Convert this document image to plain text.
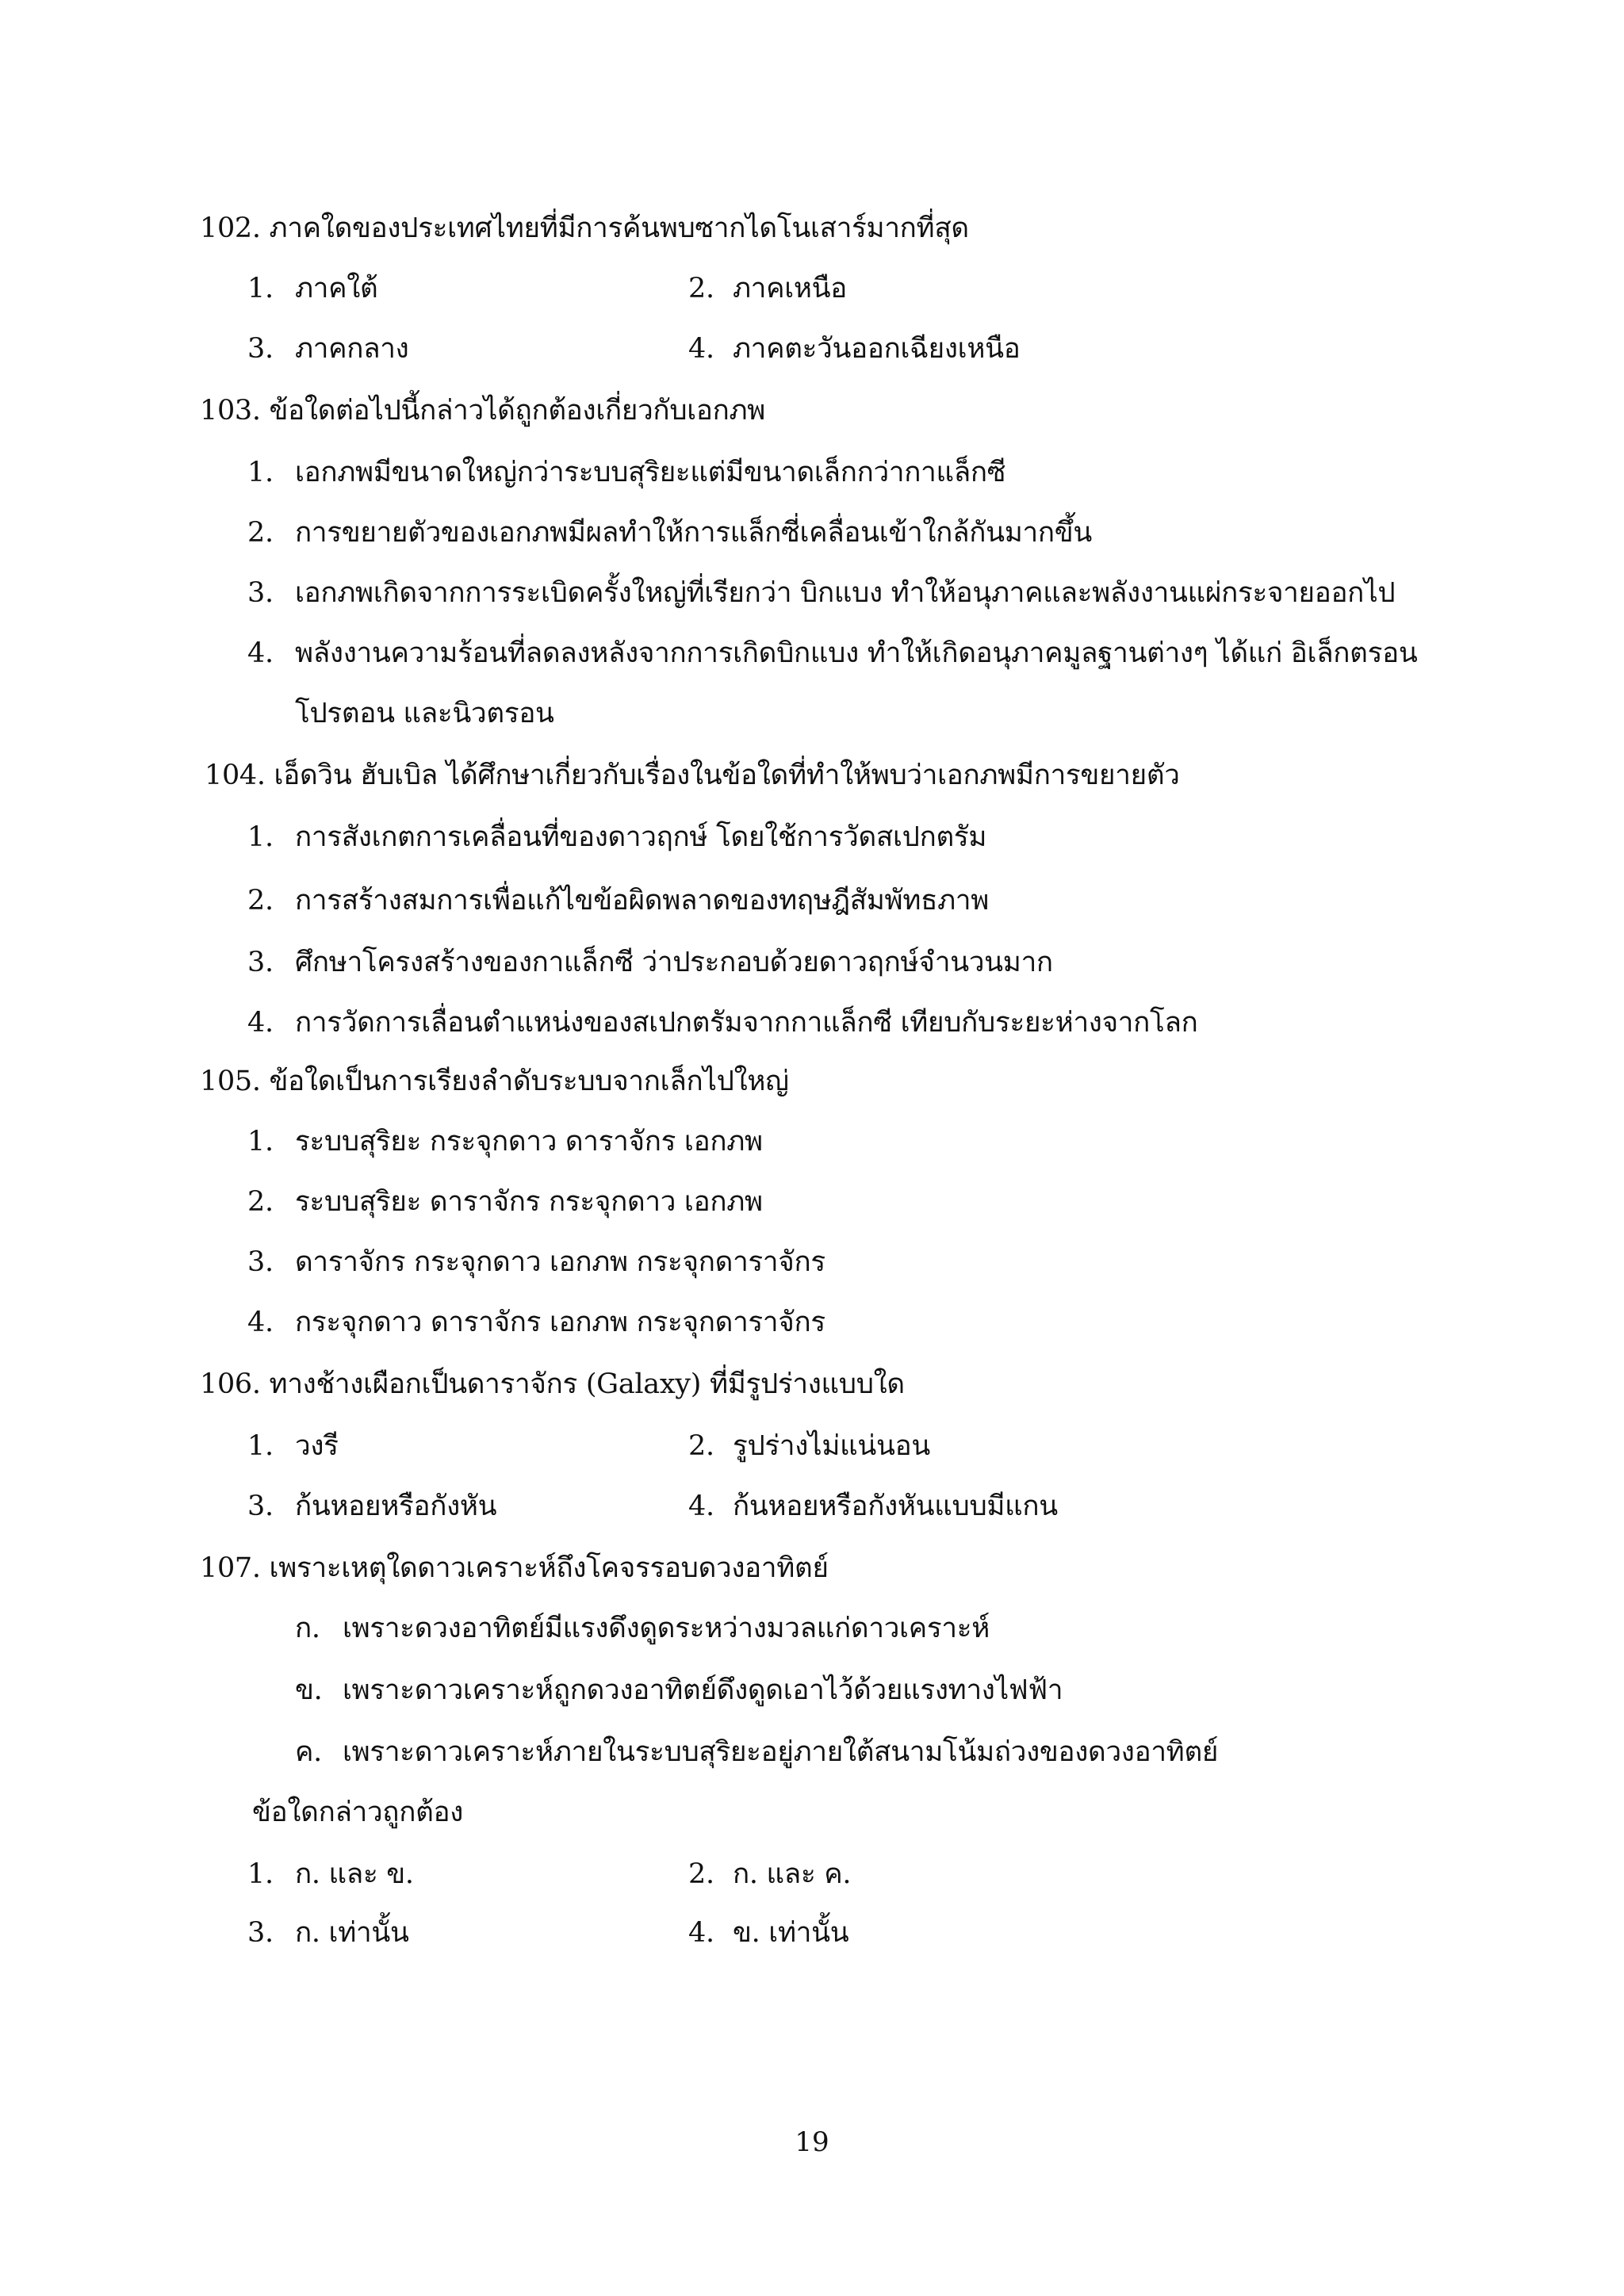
102. ภาคใดของประเทศไทยที่มีการค้นพบซากไดโนเสาร์มากที่สุด
1. ภาคใต้	2. ภาคเหนือ
3. ภาคกลาง	4. ภาคตะวันออกเฉียงเหนือ
103. ข้อใดต่อไปนี้กล่าวได้ถูกต้องเกี่ยวกับเอกภพ
1. เอกภพมีขนาดใหญ่กว่าระบบสุริยะแต่มีขนาดเล็กกว่ากาแล็กซี
2. การขยายตัวของเอกภพมีผลทำให้การแล็กซี่เคลื่อนเข้าใกล้กันมากขึ้น
3. เอกภพเกิดจากการระเบิดครั้งใหญ่ที่เรียกว่า บิกแบง ทำให้อนุภาคและพลังงานแผ่กระจายออกไป
4. พลังงานความร้อนที่ลดลงหลังจากการเกิดบิกแบง ทำให้เกิดอนุภาคมูลฐานต่างๆ ได้แก่ อิเล็กตรอน
โปรตอน และนิวตรอน
104. เอ็ดวิน ฮับเบิล ได้ศึกษาเกี่ยวกับเรื่องในข้อใดที่ทำให้พบว่าเอกภพมีการขยายตัว
1. การสังเกตการเคลื่อนที่ของดาวฤกษ์ โดยใช้การวัดสเปกตรัม
2. การสร้างสมการเพื่อแก้ไขข้อผิดพลาดของทฤษฎีสัมพัทธภาพ
3. ศึกษาโครงสร้างของกาแล็กซี ว่าประกอบด้วยดาวฤกษ์จำนวนมาก
4. การวัดการเลื่อนตำแหน่งของสเปกตรัมจากกาแล็กซี เทียบกับระยะห่างจากโลก
105. ข้อใดเป็นการเรียงลำดับระบบจากเล็กไปใหญ่
1. ระบบสุริยะ กระจุกดาว ดาราจักร เอกภพ
2. ระบบสุริยะ ดาราจักร กระจุกดาว เอกภพ
3. ดาราจักร กระจุกดาว เอกภพ กระจุกดาราจักร
4. กระจุกดาว ดาราจักร เอกภพ กระจุกดาราจักร
106. ทางช้างเผือกเป็นดาราจักร (Galaxy) ที่มีรูปร่างแบบใด
1. วงรี	2. รูปร่างไม่แน่นอน
3. ก้นหอยหรือกังหัน	4. ก้นหอยหรือกังหันแบบมีแกน
107. เพราะเหตุใดดาวเคราะห์ถึงโคจรรอบดวงอาทิตย์
ก. เพราะดวงอาทิตย์มีแรงดึงดูดระหว่างมวลแก่ดาวเคราะห์
ข. เพราะดาวเคราะห์ถูกดวงอาทิตย์ดึงดูดเอาไว้ด้วยแรงทางไฟฟ้า
ค. เพราะดาวเคราะห์ภายในระบบสุริยะอยู่ภายใต้สนามโน้มถ่วงของดวงอาทิตย์
ข้อใดกล่าวถูกต้อง
1. ก. และ ข.	2. ก. และ ค.
3. ก. เท่านั้น	4. ข. เท่านั้น
19
